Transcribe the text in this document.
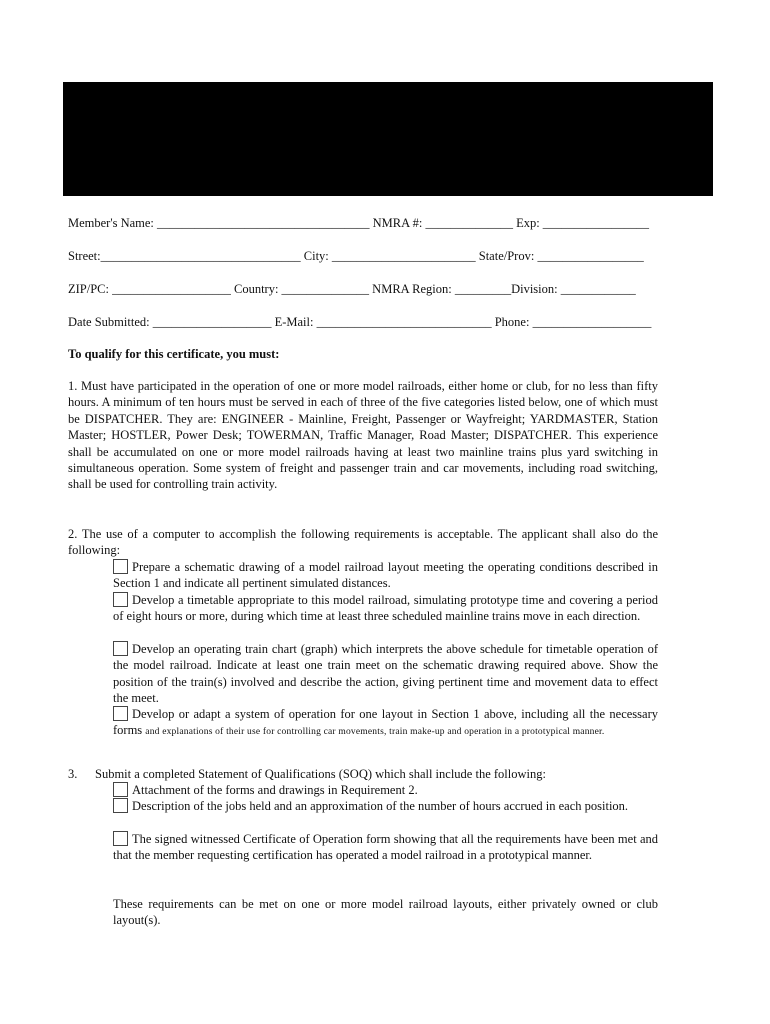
Member's Name: __________________________________ NMRA #: ______________ Exp: _________________
Street:________________________________ City: _______________________ State/Prov: _________________
ZIP/PC: ___________________ Country: ______________ NMRA Region: _________Division: ____________
Date Submitted: ___________________ E-Mail: ____________________________ Phone: ___________________
To qualify for this certificate, you must:
1. Must have participated in the operation of one or more model railroads, either home or club, for no less than fifty hours. A minimum of ten hours must be served in each of three of the five categories listed below, one of which must be DISPATCHER. They are: ENGINEER - Mainline, Freight, Passenger or Wayfreight; YARDMASTER, Station Master; HOSTLER, Power Desk; TOWERMAN, Traffic Manager, Road Master; DISPATCHER. This experience shall be accumulated on one or more model railroads having at least two mainline trains plus yard switching in simultaneous operation. Some system of freight and passenger train and car movements, including road switching, shall be used for controlling train activity.
2. The use of a computer to accomplish the following requirements is acceptable. The applicant shall also do the following:
Prepare a schematic drawing of a model railroad layout meeting the operating conditions described in Section 1 and indicate all pertinent simulated distances.
Develop a timetable appropriate to this model railroad, simulating prototype time and covering a period of eight hours or more, during which time at least three scheduled mainline trains move in each direction.
Develop an operating train chart (graph) which interprets the above schedule for timetable operation of the model railroad. Indicate at least one train meet on the schematic drawing required above. Show the position of the train(s) involved and describe the action, giving pertinent time and movement data to effect the meet.
Develop or adapt a system of operation for one layout in Section 1 above, including all the necessary forms and explanations of their use for controlling car movements, train make-up and operation in a prototypical manner.
3. Submit a completed Statement of Qualifications (SOQ) which shall include the following:
Attachment of the forms and drawings in Requirement 2.
Description of the jobs held and an approximation of the number of hours accrued in each position.
The signed witnessed Certificate of Operation form showing that all the requirements have been met and that the member requesting certification has operated a model railroad in a prototypical manner.
These requirements can be met on one or more model railroad layouts, either privately owned or club layout(s).
